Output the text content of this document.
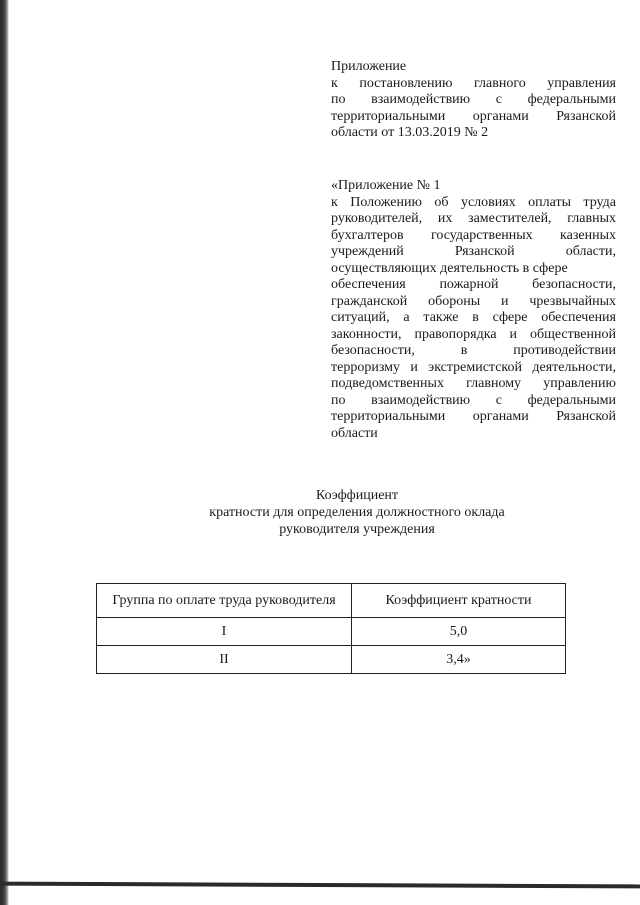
Приложение

к постановлению главного управления

по взаимодействию с федеральными

территориальными органами Рязанской

области от 13.03.2019 № 2

«Приложение № 1

к Положению об условиях оплаты труда

руководителей, их заместителей, главных

бухгалтеров государственных казенных

учреждений Рязанской области,

осуществляющих деятельность в сфере

обеспечения пожарной безопасности,

гражданской обороны и чрезвычайных

ситуаций, а также в сфере обеспечения

законности, правопорядка и общественной

безопасности, в противодействии

терроризму и экстремистской деятельности,

подведомственных главному управлению

по взаимодействию с федеральными

территориальными органами Рязанской

области

Коэффициент

кратности для определения должностного оклада

руководителя учреждения

Группа по оплате труда руководителя	Коэффициент кратности
I	5,0
II	3,4»
